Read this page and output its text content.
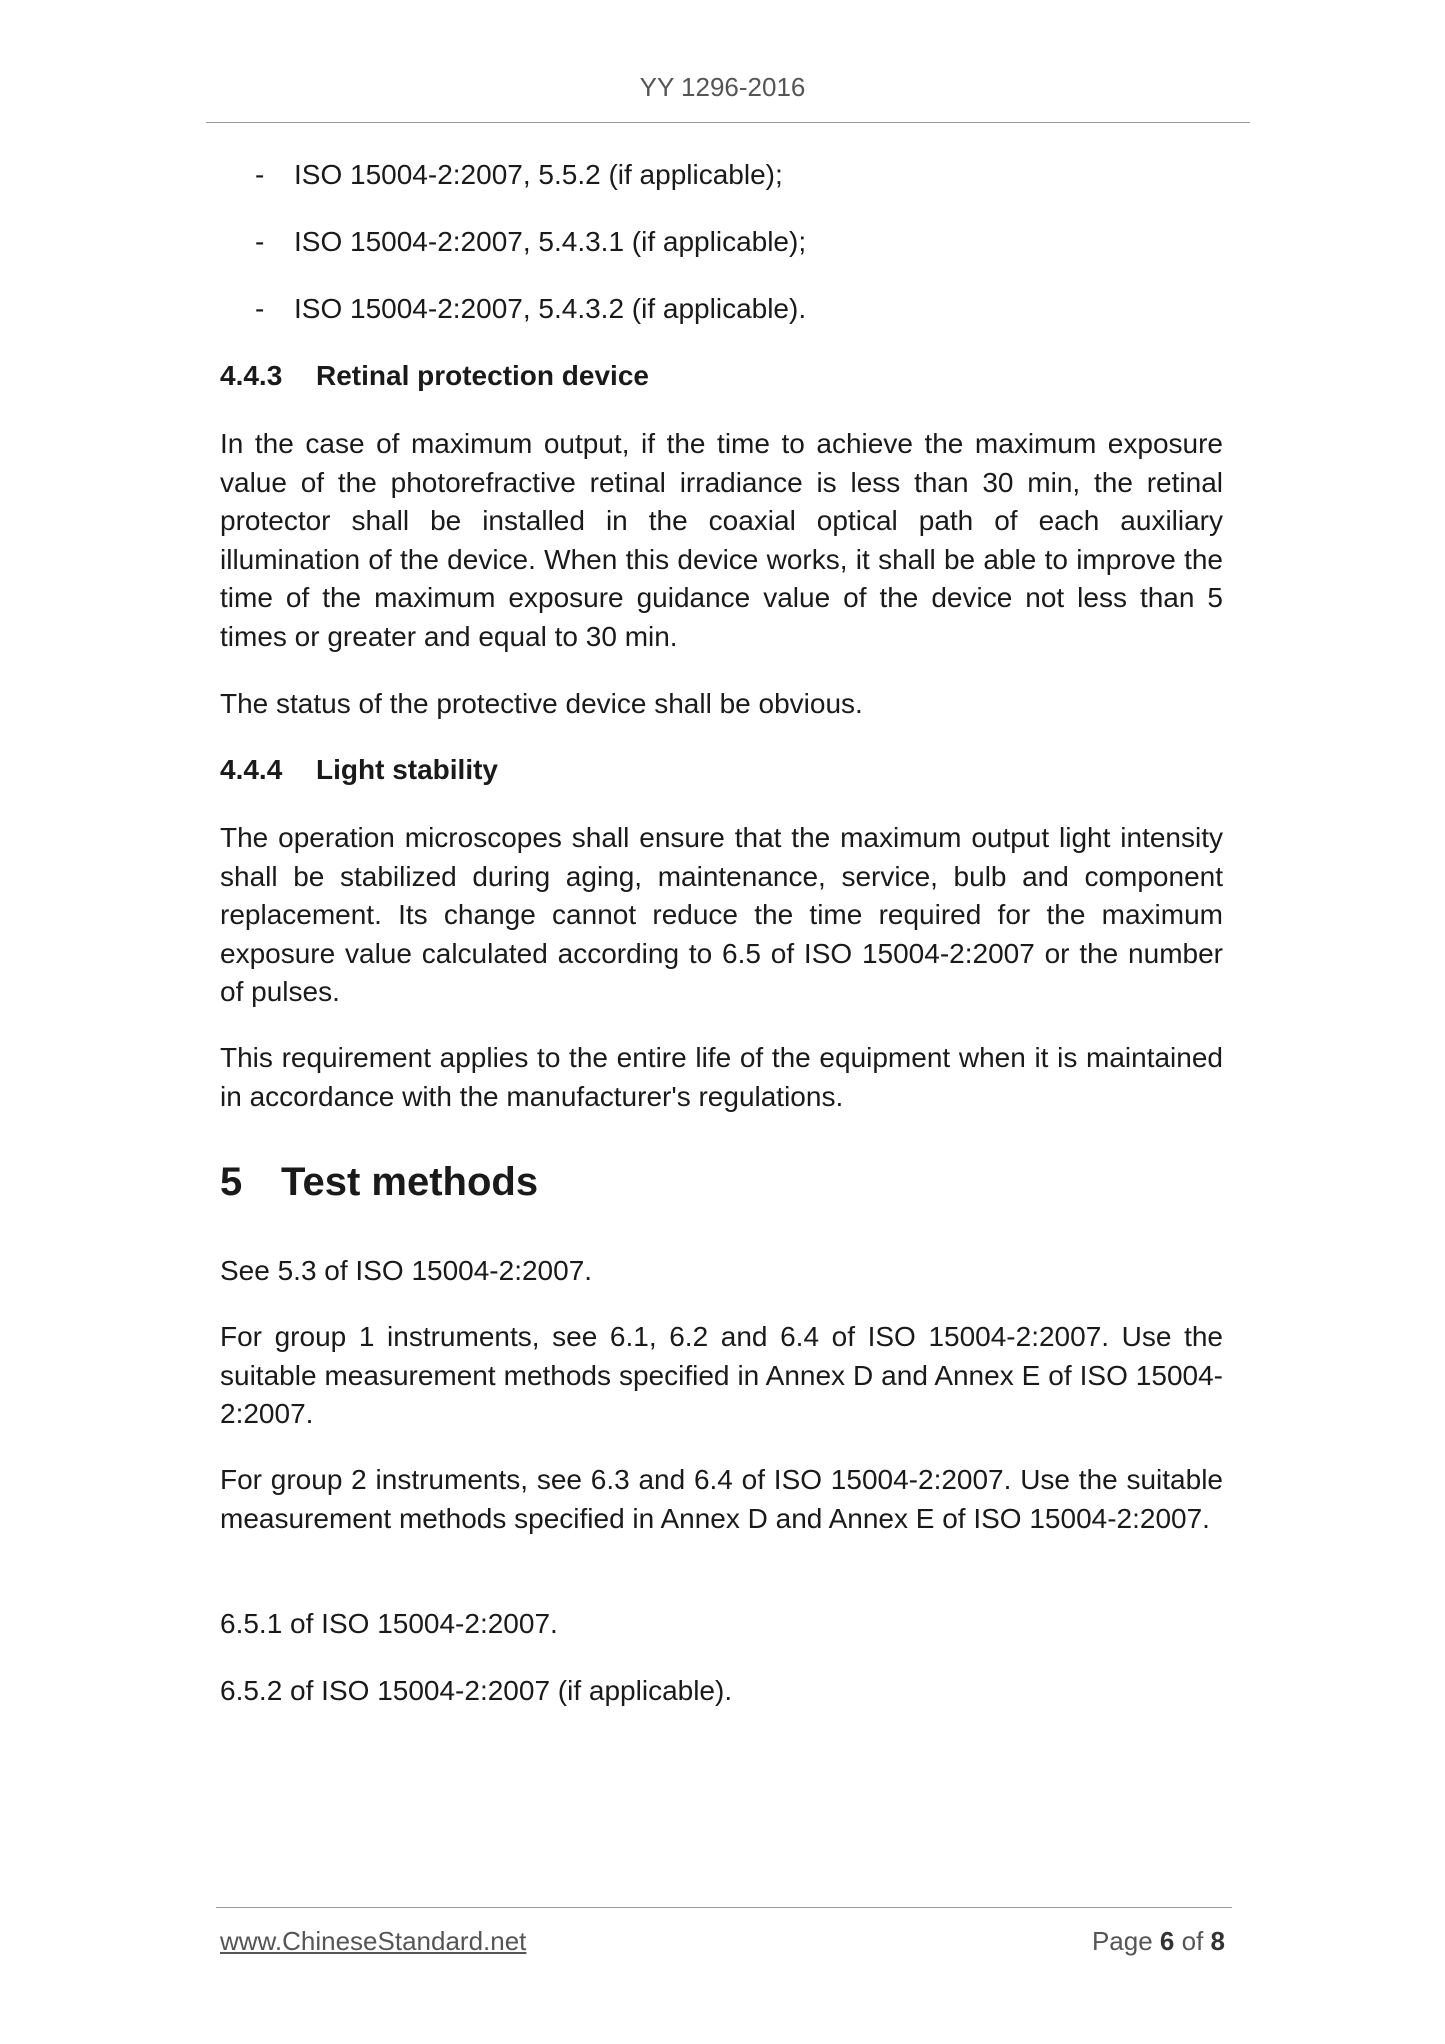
YY 1296-2016
- ISO 15004-2:2007, 5.5.2 (if applicable);
- ISO 15004-2:2007, 5.4.3.1 (if applicable);
- ISO 15004-2:2007, 5.4.3.2 (if applicable).
4.4.3 Retinal protection device

In the case of maximum output, if the time to achieve the maximum exposure value of the photorefractive retinal irradiance is less than 30 min, the retinal protector shall be installed in the coaxial optical path of each auxiliary illumination of the device. When this device works, it shall be able to improve the time of the maximum exposure guidance value of the device not less than 5 times or greater and equal to 30 min.

The status of the protective device shall be obvious.

4.4.4 Light stability

The operation microscopes shall ensure that the maximum output light intensity shall be stabilized during aging, maintenance, service, bulb and component replacement. Its change cannot reduce the time required for the maximum exposure value calculated according to 6.5 of ISO 15004-2:2007 or the number of pulses.

This requirement applies to the entire life of the equipment when it is maintained in accordance with the manufacturer's regulations.

5 Test methods

See 5.3 of ISO 15004-2:2007.

For group 1 instruments, see 6.1, 6.2 and 6.4 of ISO 15004-2:2007. Use the suitable measurement methods specified in Annex D and Annex E of ISO 15004-2:2007.

For group 2 instruments, see 6.3 and 6.4 of ISO 15004-2:2007. Use the suitable measurement methods specified in Annex D and Annex E of ISO 15004-2:2007.

6.5.1 of ISO 15004-2:2007.

6.5.2 of ISO 15004-2:2007 (if applicable).

www.ChineseStandard.net	Page 6 of 8
